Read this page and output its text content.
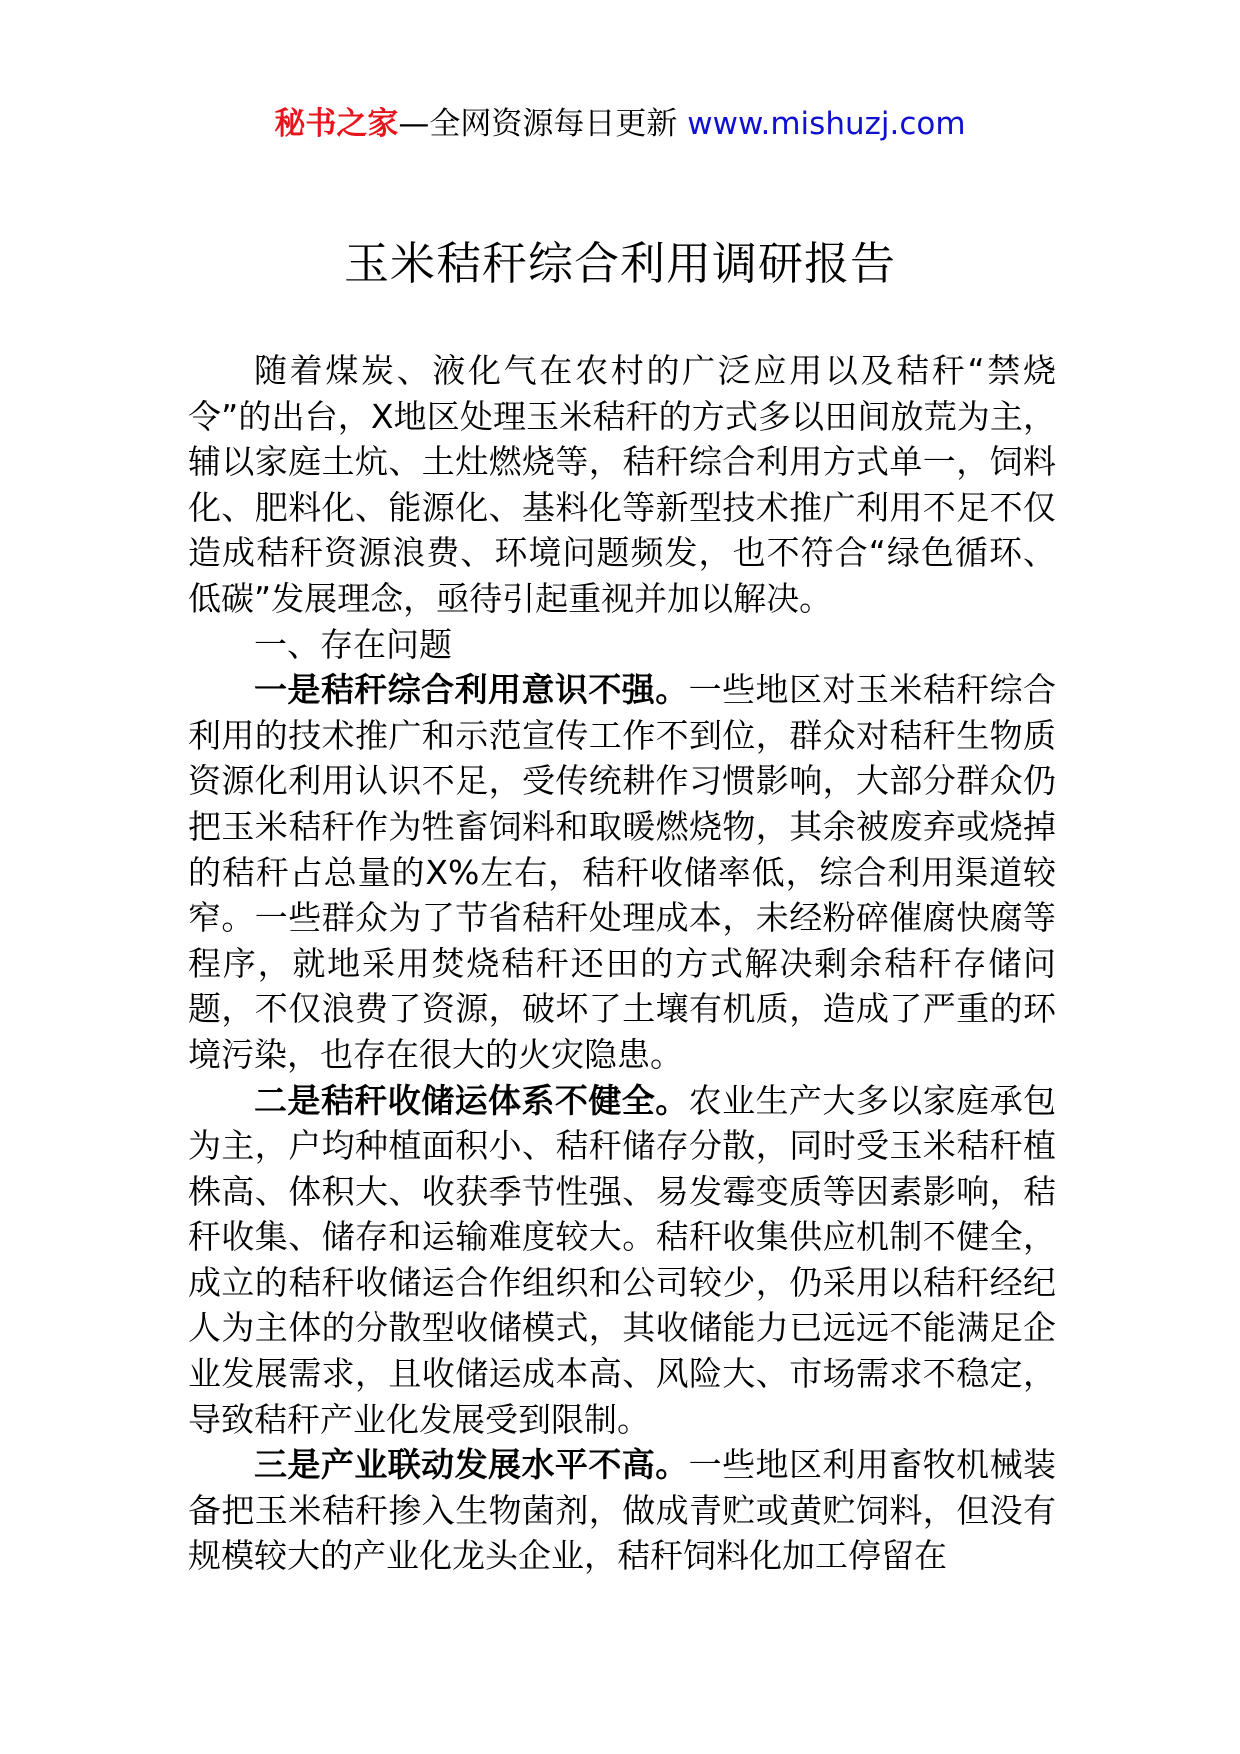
秘书之家—全网资源每日更新 www.mishuzj.com
玉米秸秆综合利用调研报告

随着煤炭、液化气在农村的广泛应用以及秸秆“禁烧令”的出台，X地区处理玉米秸秆的方式多以田间放荒为主，辅以家庭土炕、土灶燃烧等，秸秆综合利用方式单一，饲料化、肥料化、能源化、基料化等新型技术推广利用不足不仅造成秸秆资源浪费、环境问题频发，也不符合“绿色循环、低碳”发展理念，亟待引起重视并加以解决。

一、存在问题

一是秸秆综合利用意识不强。一些地区对玉米秸秆综合利用的技术推广和示范宣传工作不到位，群众对秸秆生物质资源化利用认识不足，受传统耕作习惯影响，大部分群众仍把玉米秸秆作为牲畜饲料和取暖燃烧物，其余被废弃或烧掉的秸秆占总量的X%左右，秸秆收储率低，综合利用渠道较窄。一些群众为了节省秸秆处理成本，未经粉碎催腐快腐等程序，就地采用焚烧秸秆还田的方式解决剩余秸秆存储问题，不仅浪费了资源，破坏了土壤有机质，造成了严重的环境污染，也存在很大的火灾隐患。

二是秸秆收储运体系不健全。农业生产大多以家庭承包为主，户均种植面积小、秸秆储存分散，同时受玉米秸秆植株高、体积大、收获季节性强、易发霉变质等因素影响，秸秆收集、储存和运输难度较大。秸秆收集供应机制不健全，成立的秸秆收储运合作组织和公司较少，仍采用以秸秆经纪人为主体的分散型收储模式，其收储能力已远远不能满足企业发展需求，且收储运成本高、风险大、市场需求不稳定，导致秸秆产业化发展受到限制。

三是产业联动发展水平不高。一些地区利用畜牧机械装备把玉米秸秆掺入生物菌剂，做成青贮或黄贮饲料，但没有规模较大的产业化龙头企业，秸秆饲料化加工停留在
